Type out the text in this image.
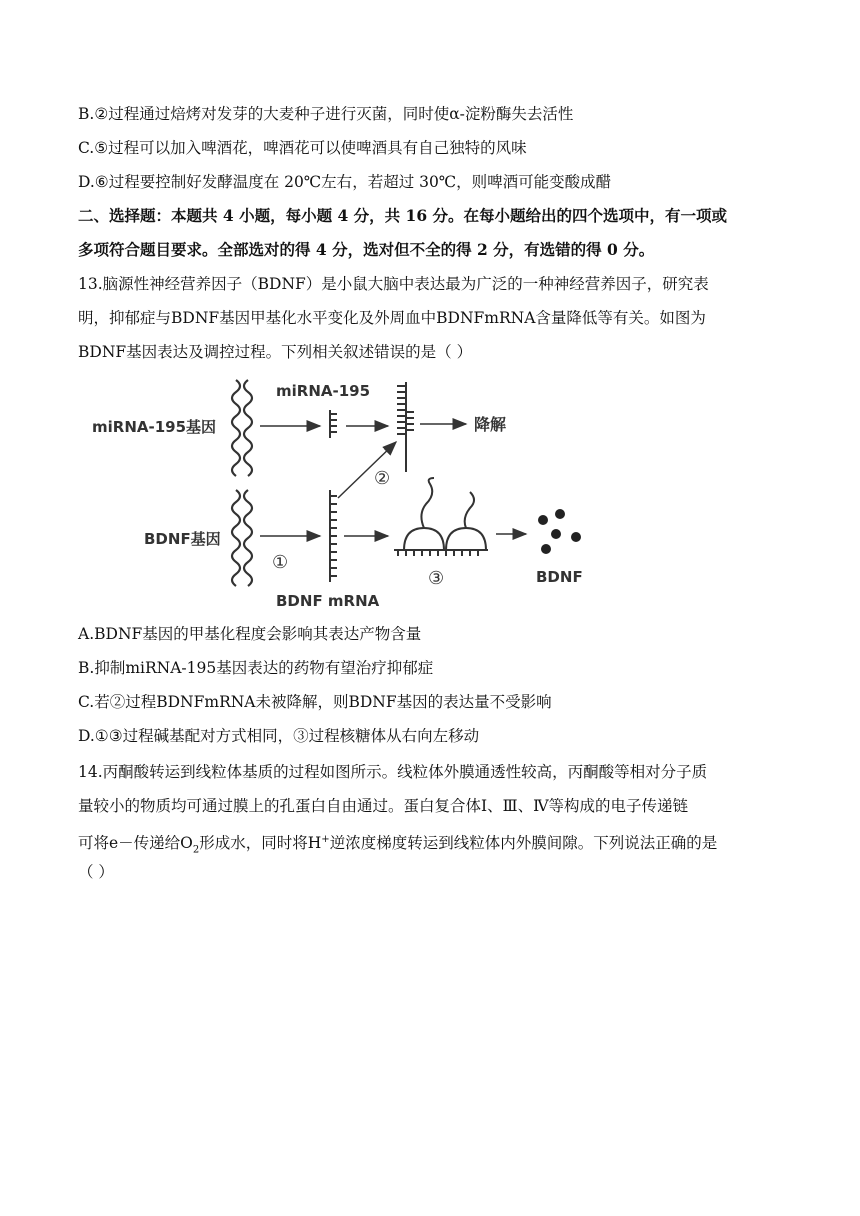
B.②过程通过焙烤对发芽的大麦种子进行灭菌，同时使α-淀粉酶失去活性
C.⑤过程可以加入啤酒花，啤酒花可以使啤酒具有自己独特的风味
D.⑥过程要控制好发酵温度在 20℃左右，若超过 30℃，则啤酒可能变酸成醋
二、选择题：本题共 4 小题，每小题 4 分，共 16 分。在每小题给出的四个选项中，有一项或
多项符合题目要求。全部选对的得 4 分，选对但不全的得 2 分，有选错的得 0 分。
13.脑源性神经营养因子（BDNF）是小鼠大脑中表达最为广泛的一种神经营养因子，研究表
明，抑郁症与BDNF基因甲基化水平变化及外周血中BDNFmRNA含量降低等有关。如图为
BDNF基因表达及调控过程。下列相关叙述错误的是（ ）
miRNA-195基因
miRNA-195
降解
BDNF基因
①
BDNF mRNA
②
③	BDNF
A.BDNF基因的甲基化程度会影响其表达产物含量
B.抑制miRNA-195基因表达的药物有望治疗抑郁症
C.若②过程BDNFmRNA未被降解，则BDNF基因的表达量不受影响
D.①③过程碱基配对方式相同，③过程核糖体从右向左移动
14.丙酮酸转运到线粒体基质的过程如图所示。线粒体外膜通透性较高，丙酮酸等相对分子质
量较小的物质均可通过膜上的孔蛋白自由通过。蛋白复合体Ⅰ、Ⅲ、Ⅳ等构成的电子传递链
可将e－传递给$O_2$形成水，同时将H+逆浓度梯度转运到线粒体内外膜间隙。下列说法正确的是
（ ）
